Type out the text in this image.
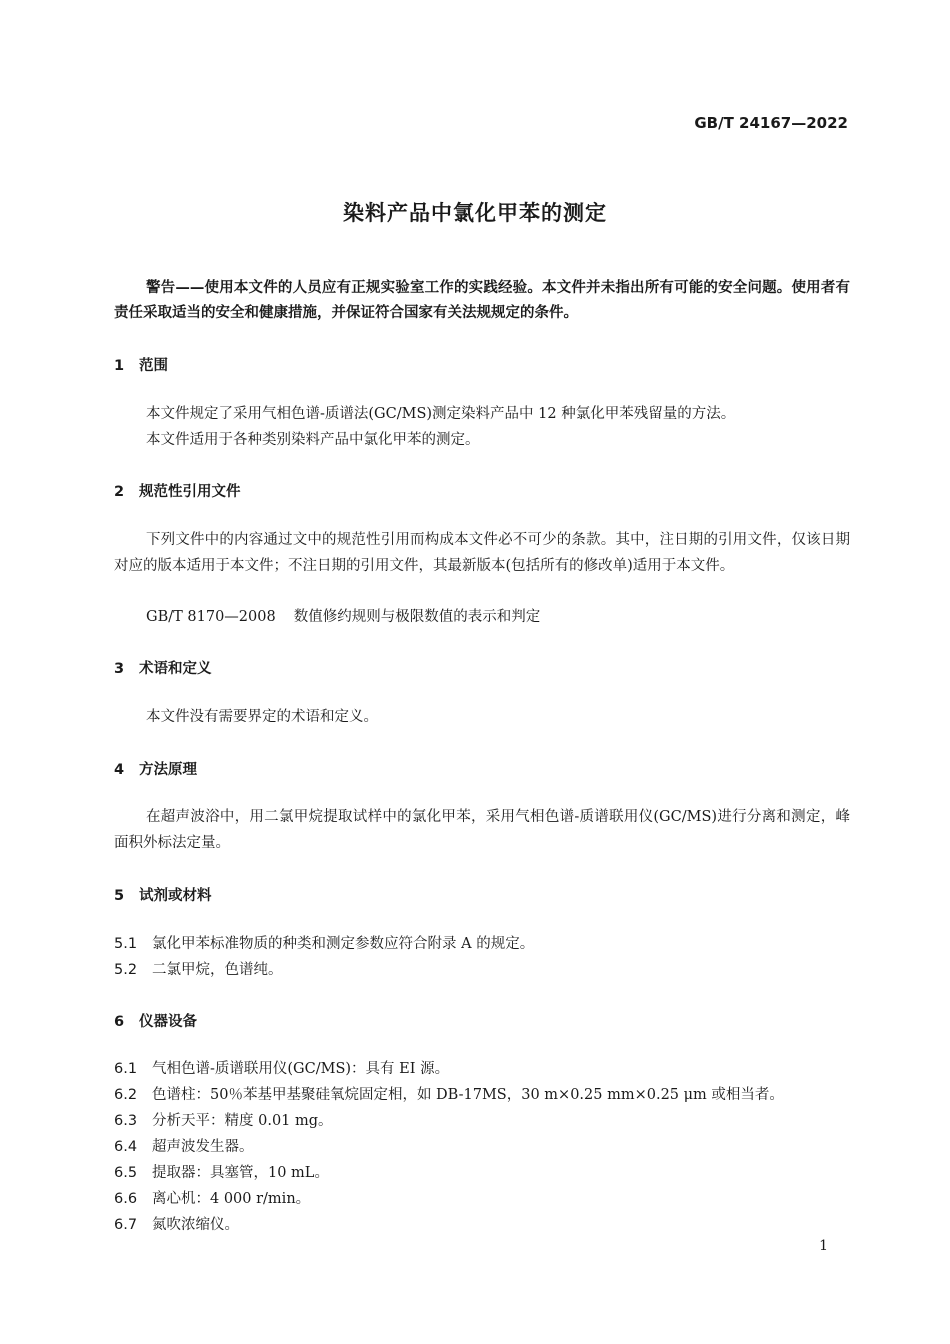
GB/T 24167—2022
染料产品中氯化甲苯的测定
警告——使用本文件的人员应有正规实验室工作的实践经验。本文件并未指出所有可能的安全问题。使用者有责任采取适当的安全和健康措施，并保证符合国家有关法规规定的条件。
1 范围
本文件规定了采用气相色谱-质谱法(GC/MS)测定染料产品中 12 种氯化甲苯残留量的方法。
本文件适用于各种类别染料产品中氯化甲苯的测定。
2 规范性引用文件
下列文件中的内容通过文中的规范性引用而构成本文件必不可少的条款。其中，注日期的引用文件，仅该日期对应的版本适用于本文件；不注日期的引用文件，其最新版本(包括所有的修改单)适用于本文件。
GB/T 8170—2008 数值修约规则与极限数值的表示和判定
3 术语和定义
本文件没有需要界定的术语和定义。
4 方法原理
在超声波浴中，用二氯甲烷提取试样中的氯化甲苯，采用气相色谱-质谱联用仪(GC/MS)进行分离和测定，峰面积外标法定量。
5 试剂或材料
5.1 氯化甲苯标准物质的种类和测定参数应符合附录 A 的规定。
5.2 二氯甲烷，色谱纯。
6 仪器设备
6.1 气相色谱-质谱联用仪(GC/MS)：具有 EI 源。
6.2 色谱柱：50％苯基甲基聚硅氧烷固定相，如 DB-17MS，30 m×0.25 mm×0.25 μm 或相当者。
6.3 分析天平：精度 0.01 mg。
6.4 超声波发生器。
6.5 提取器：具塞管，10 mL。
6.6 离心机：4 000 r/min。
6.7 氮吹浓缩仪。
1
